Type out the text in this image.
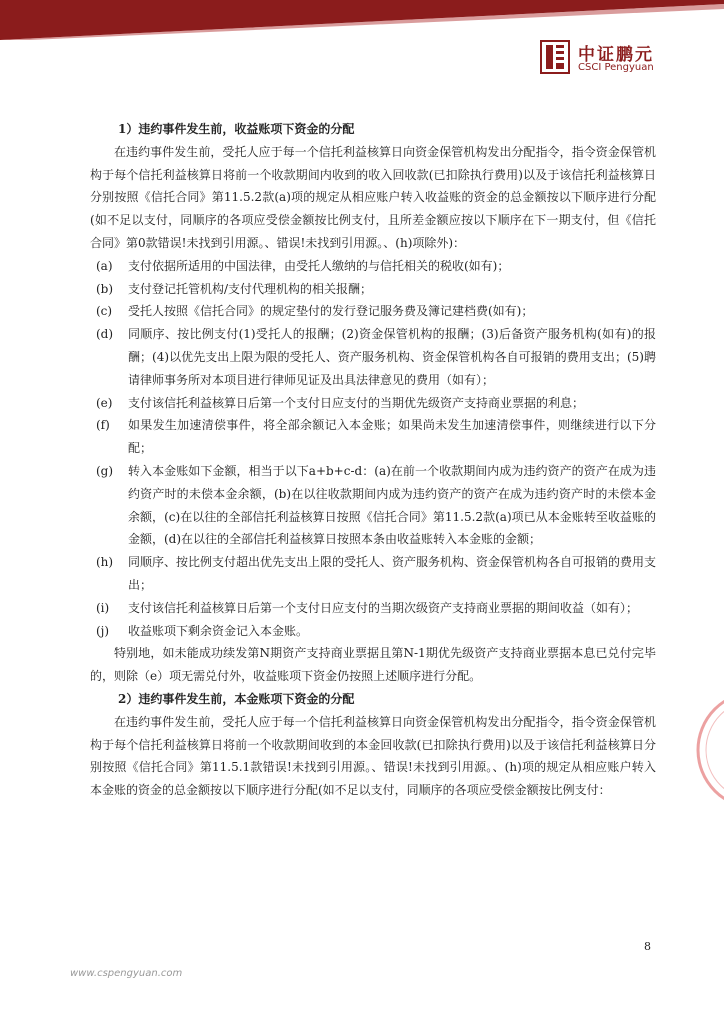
中证鹏元
CSCI Pengyuan

1）违约事件发生前，收益账项下资金的分配

在违约事件发生前，受托人应于每一个信托利益核算日向资金保管机构发出分配指令，指令资金保管机构于每个信托利益核算日将前一个收款期间内收到的收入回收款(已扣除执行费用)以及于该信托利益核算日分别按照《信托合同》第11.5.2款(a)项的规定从相应账户转入收益账的资金的总金额按以下顺序进行分配(如不足以支付，同顺序的各项应受偿金额按比例支付，且所差金额应按以下顺序在下一期支付，但《信托合同》第0款错误!未找到引用源。、错误!未找到引用源。、(h)项除外)：

(a) 支付依据所适用的中国法律，由受托人缴纳的与信托相关的税收(如有)；

(b) 支付登记托管机构/支付代理机构的相关报酬；

(c) 受托人按照《信托合同》的规定垫付的发行登记服务费及簿记建档费(如有)；

(d) 同顺序、按比例支付(1)受托人的报酬；(2)资金保管机构的报酬；(3)后备资产服务机构(如有)的报酬；(4)以优先支出上限为限的受托人、资产服务机构、资金保管机构各自可报销的费用支出；(5)聘请律师事务所对本项目进行律师见证及出具法律意见的费用（如有）；

(e) 支付该信托利益核算日后第一个支付日应支付的当期优先级资产支持商业票据的利息；

(f) 如果发生加速清偿事件，将全部余额记入本金账；如果尚未发生加速清偿事件，则继续进行以下分配；

(g) 转入本金账如下金额，相当于以下a+b+c-d：(a)在前一个收款期间内成为违约资产的资产在成为违约资产时的未偿本金余额，(b)在以往收款期间内成为违约资产的资产在成为违约资产时的未偿本金余额，(c)在以往的全部信托利益核算日按照《信托合同》第11.5.2款(a)项已从本金账转至收益账的金额，(d)在以往的全部信托利益核算日按照本条由收益账转入本金账的金额；

(h) 同顺序、按比例支付超出优先支出上限的受托人、资产服务机构、资金保管机构各自可报销的费用支出；

(i) 支付该信托利益核算日后第一个支付日应支付的当期次级资产支持商业票据的期间收益（如有）；

(j) 收益账项下剩余资金记入本金账。

特别地，如未能成功续发第N期资产支持商业票据且第N-1期优先级资产支持商业票据本息已兑付完毕的，则除（e）项无需兑付外，收益账项下资金仍按照上述顺序进行分配。

2）违约事件发生前，本金账项下资金的分配

在违约事件发生前，受托人应于每一个信托利益核算日向资金保管机构发出分配指令，指令资金保管机构于每个信托利益核算日将前一个收款期间收到的本金回收款(已扣除执行费用)以及于该信托利益核算日分别按照《信托合同》第11.5.1款错误!未找到引用源。、错误!未找到引用源。、(h)项的规定从相应账户转入本金账的资金的总金额按以下顺序进行分配(如不足以支付，同顺序的各项应受偿金额按比例支付：

8
www.cspengyuan.com
